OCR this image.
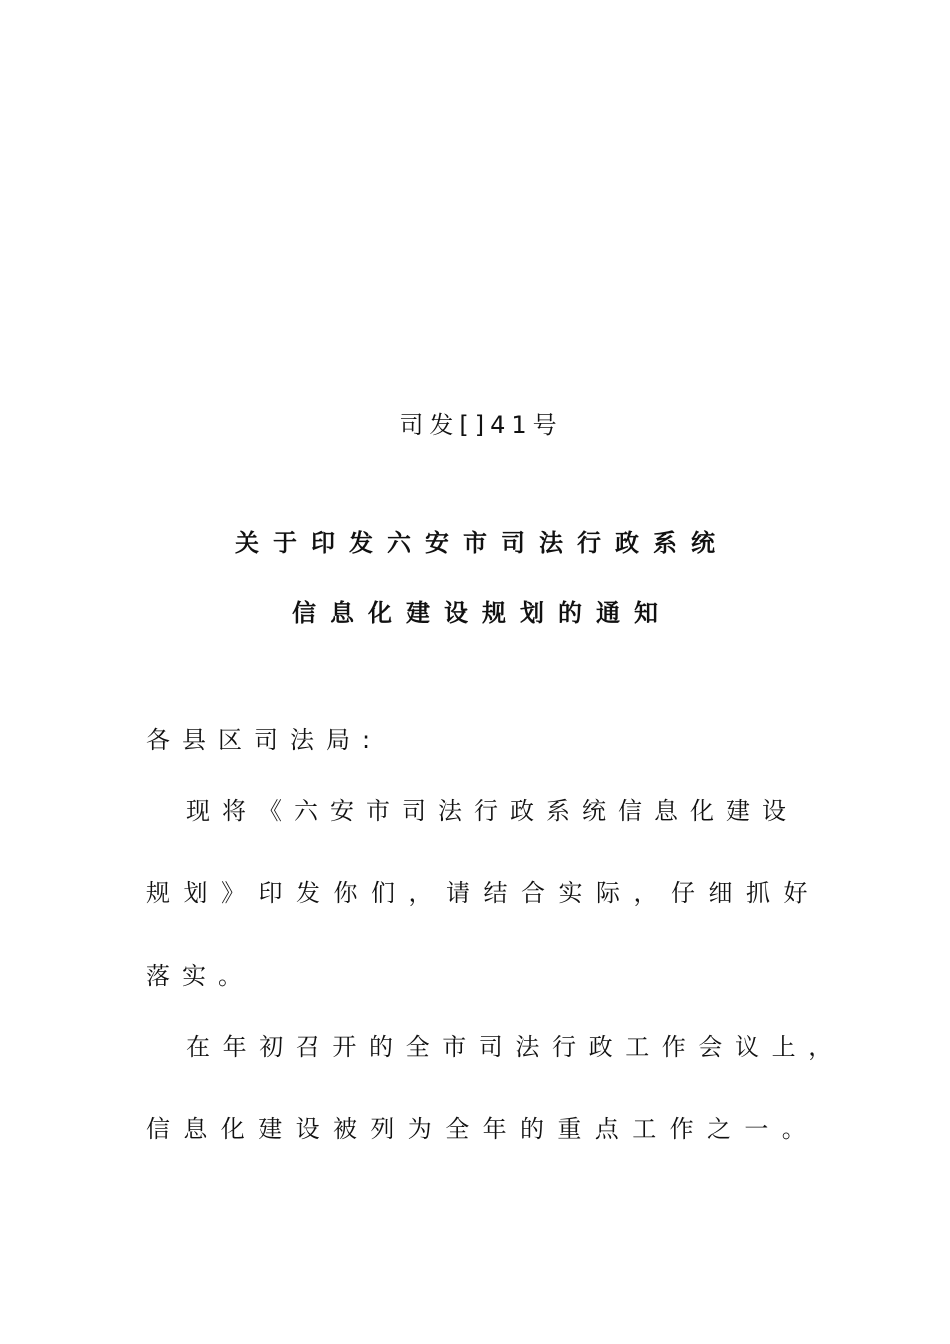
司发[]41号

关于印发六安市司法行政系统
信息化建设规划的通知

各县区司法局:

现将《六安市司法行政系统信息化建设

规划》印发你们，请结合实际，仔细抓好

落实。

在年初召开的全市司法行政工作会议上，

信息化建设被列为全年的重点工作之一。
